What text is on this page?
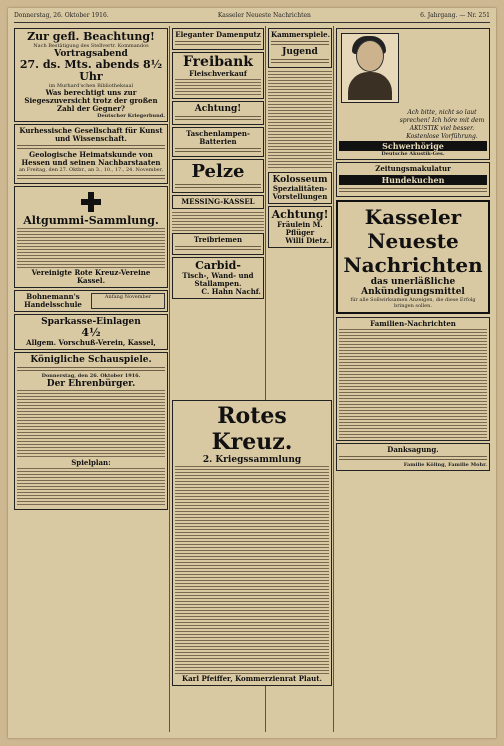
Donnerstag, 26. Oktober 1916.	Kasseler Neueste Nachrichten	6. Jahrgang. — Nr. 251
Zur gefl. Beachtung!
Nach Bestätigung des Stellvertr. Kommandos
Vortragsabend
27. ds. Mts. abends 8½ Uhr
im Murhard'schen Bibliotheksaal
Was berechtigt uns zur Siegeszuversicht trotz der großen Zahl der Gegner?
Deutscher Kriegerbund.
Kurhessische Gesellschaft für Kunst und Wissenschaft.
Geologische Heimatskunde von Hessen und seinen Nachbarstaaten
an Freitag, den 27. Oktbr., an 3., 10., 17., 24. November,
Altgummi-Sammlung.
Vereinigte Rote Kreuz-Vereine Kassel.
Bohnemann's Handelsschule
Anfang November
Sparkasse-Einlagen
4½
Allgem. Vorschuß-Verein, Kassel,
Königliche Schauspiele.
Donnerstag, den 26. Oktober 1916.
Der Ehrenbürger.
Spielplan:
Eleganter Damenputz
Freibank
Fleischverkauf
Achtung!
Taschenlampen-Batterien
Pelze
MESSING-KASSEL
Treibriemen
Carbid-
Tisch-, Wand- und Stallampen.
C. Hahn Nachf.
Kammerspiele.
Jugend
Kolosseum
Spezialitäten-Vorstellungen
Achtung!
Fräulein M. Pflüger
Willi Dietz.
Rotes Kreuz.
2. Kriegssammlung
Karl Pfeiffer, Kommerzienrat Plaut.
Ach bitte, nicht so laut sprechen! Ich höre mit dem AKUSTIK viel besser. Kostenlose Vorführung.
Schwerhörige
Deutsche Akustik-Ges.
Zeitungsmakulatur
Hundekuchen
Kasseler Neueste
Nachrichten
das unerläßliche Ankündigungsmittel
für alle Sollwirksamen Anzeigen, die diese Erfolg bringen sollen.
Familien-Nachrichten
Danksagung.
Familie Köling, Familie Mohr.
